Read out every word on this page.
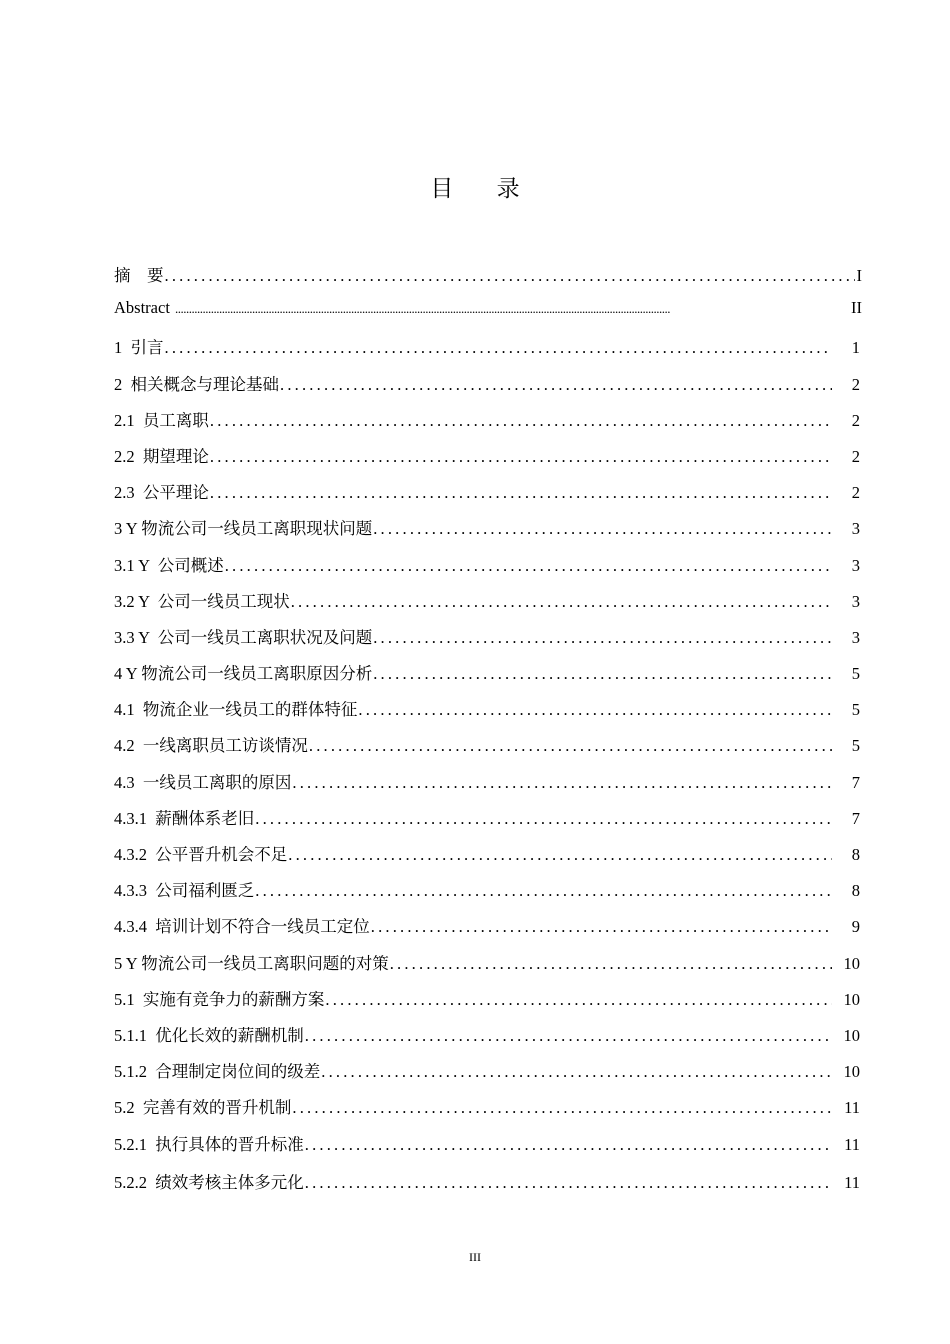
目 录
摘    要 .....	I
Abstract .....	II
1  引言 .....	1
2  相关概念与理论基础 .....	2
2.1  员工离职 .....	2
2.2  期望理论 .....	2
2.3  公平理论 .....	2
3 Y 物流公司一线员工离职现状问题 .....	3
3.1 Y  公司概述 .....	3
3.2 Y  公司一线员工现状 .....	3
3.3 Y  公司一线员工离职状况及问题 .....	3
4 Y 物流公司一线员工离职原因分析 .....	5
4.1  物流企业一线员工的群体特征 .....	5
4.2  一线离职员工访谈情况 .....	5
4.3  一线员工离职的原因 .....	7
4.3.1  薪酬体系老旧 .....	7
4.3.2  公平晋升机会不足 .....	8
4.3.3  公司福利匮乏 .....	8
4.3.4  培训计划不符合一线员工定位 .....	9
5 Y 物流公司一线员工离职问题的对策 .....	10
5.1  实施有竞争力的薪酬方案 .....	10
5.1.1  优化长效的薪酬机制 .....	10
5.1.2  合理制定岗位间的级差 .....	10
5.2  完善有效的晋升机制 .....	11
5.2.1  执行具体的晋升标准 .....	11
5.2.2  绩效考核主体多元化 .....	11
III
